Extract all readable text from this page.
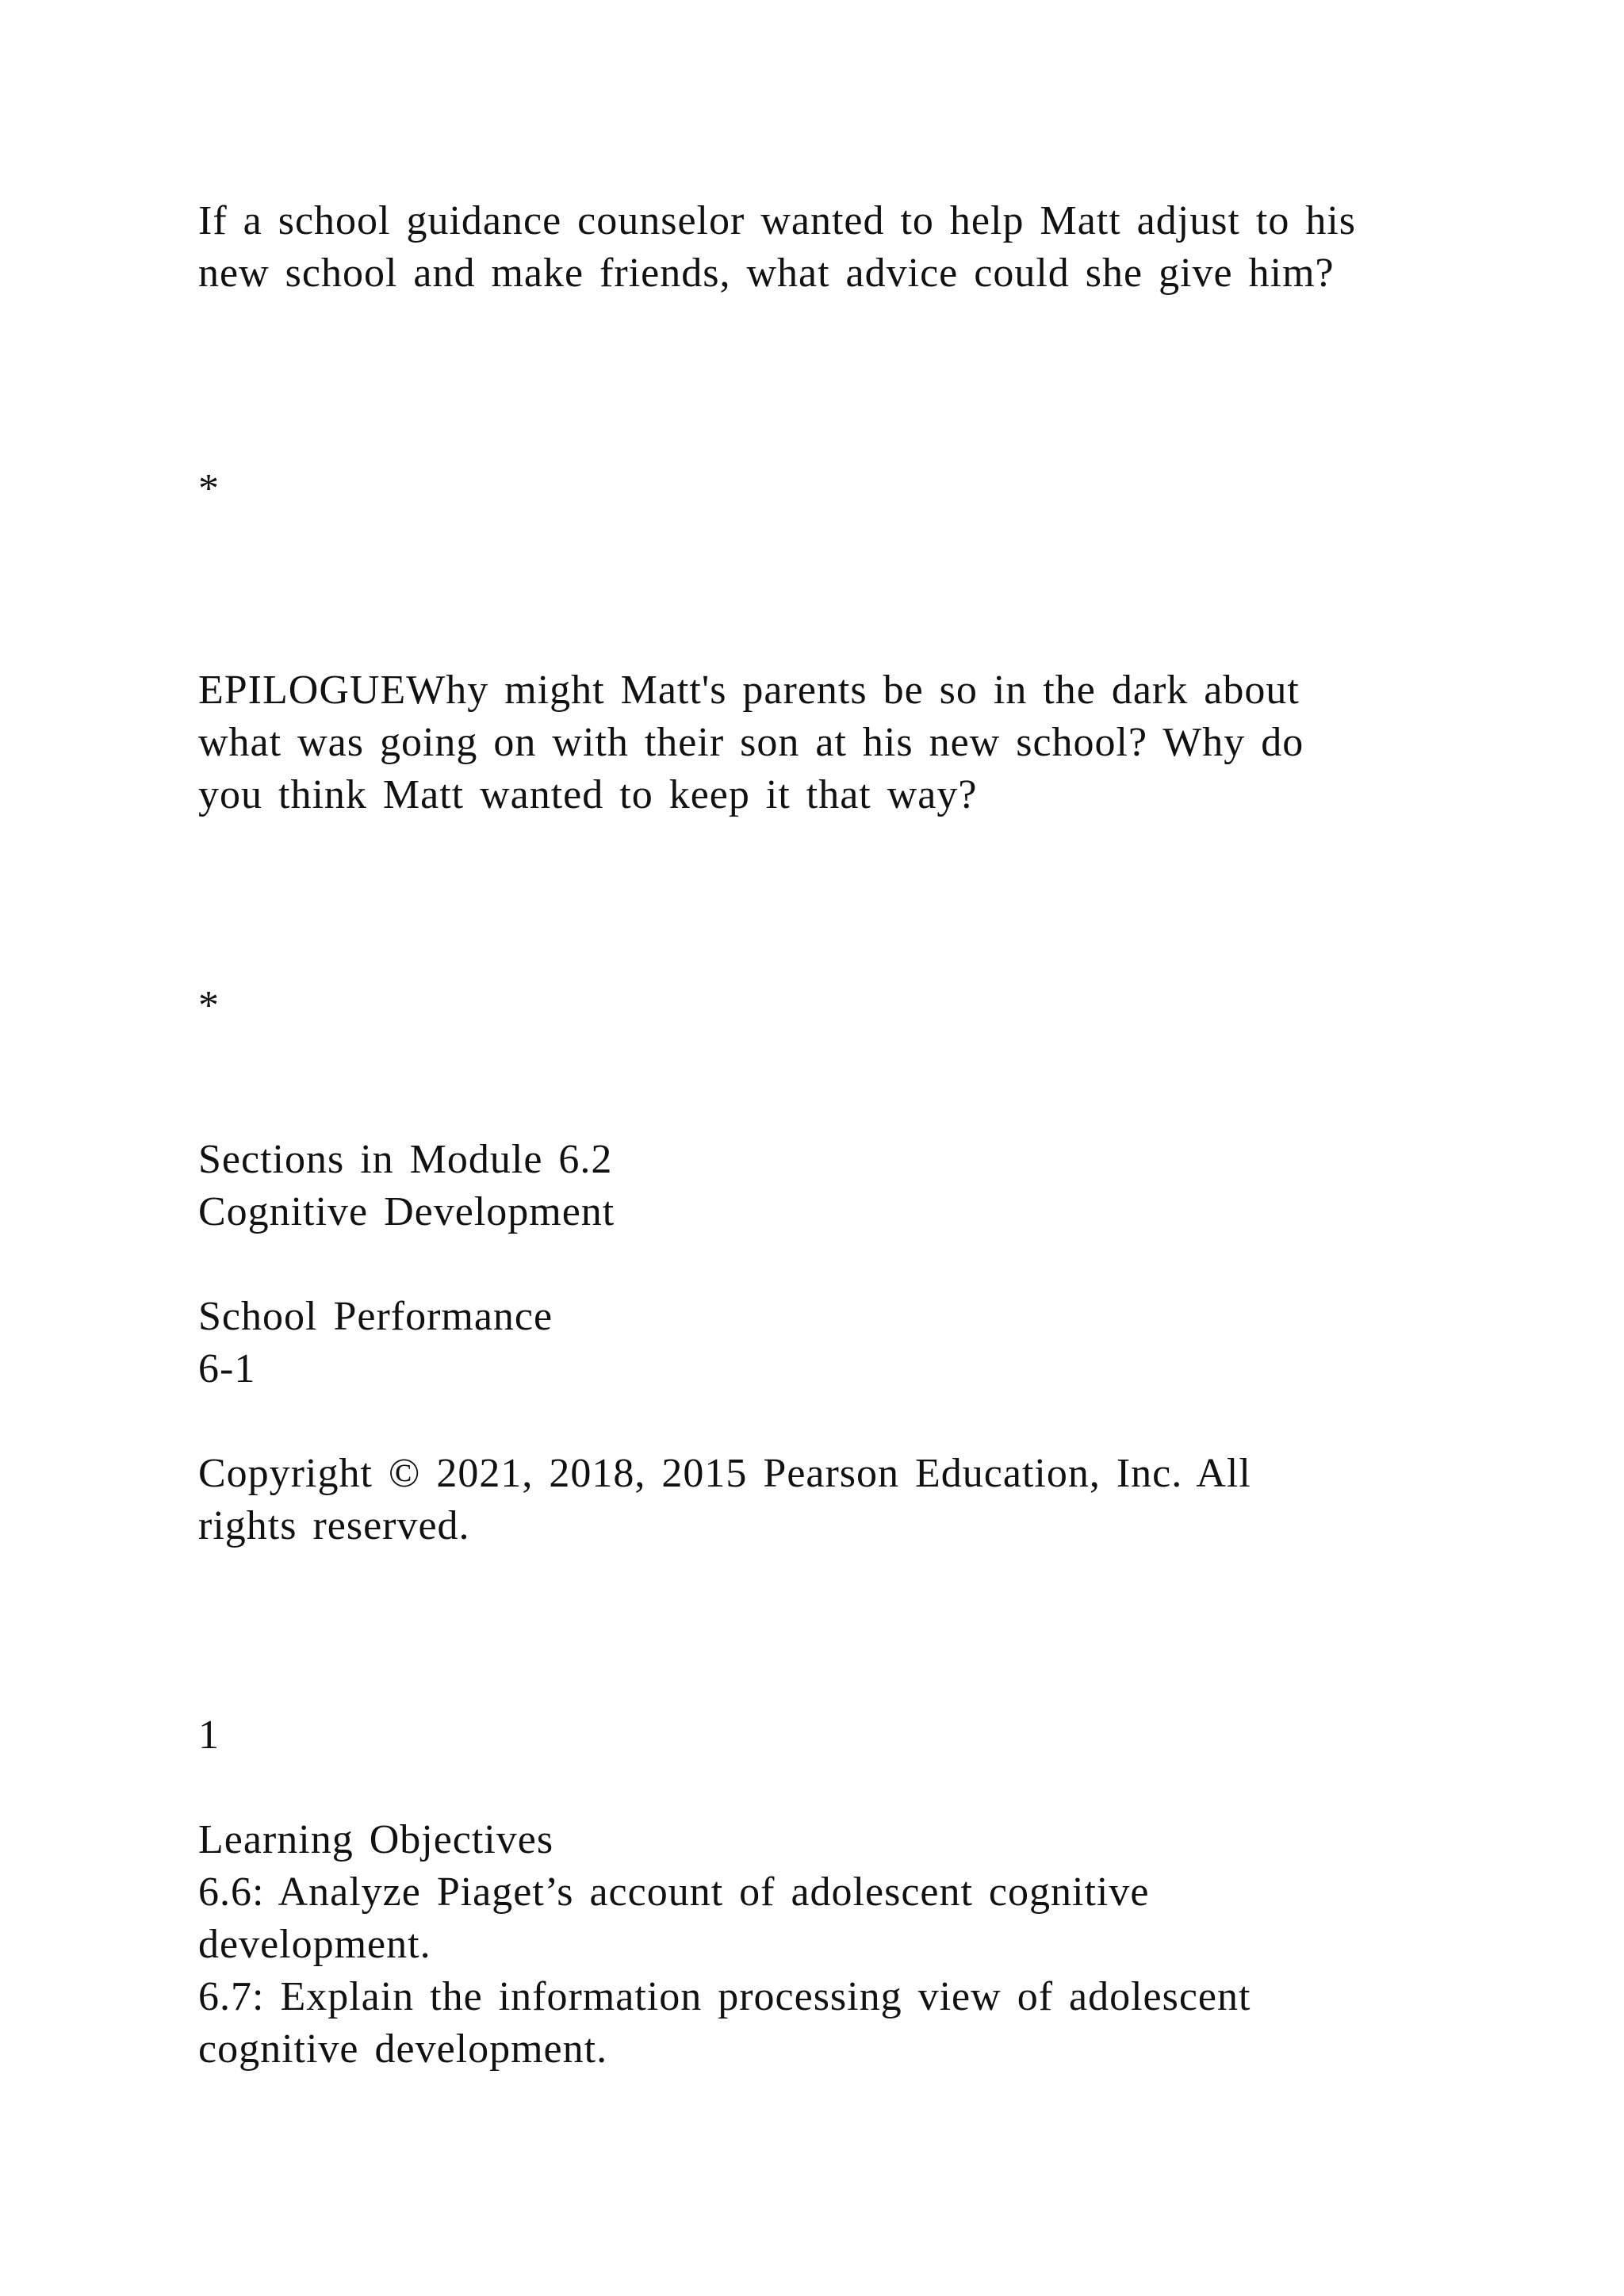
If a school guidance counselor wanted to help Matt adjust to his
new school and make friends, what advice could she give him?
*
EPILOGUEWhy might Matt's parents be so in the dark about
what was going on with their son at his new school? Why do
you think Matt wanted to keep it that way?
*
Sections in Module 6.2
Cognitive Development
School Performance
6-1
Copyright © 2021, 2018, 2015 Pearson Education, Inc. All
rights reserved.
1
Learning Objectives
6.6: Analyze Piaget’s account of adolescent cognitive
development.
6.7: Explain the information processing view of adolescent
cognitive development.
